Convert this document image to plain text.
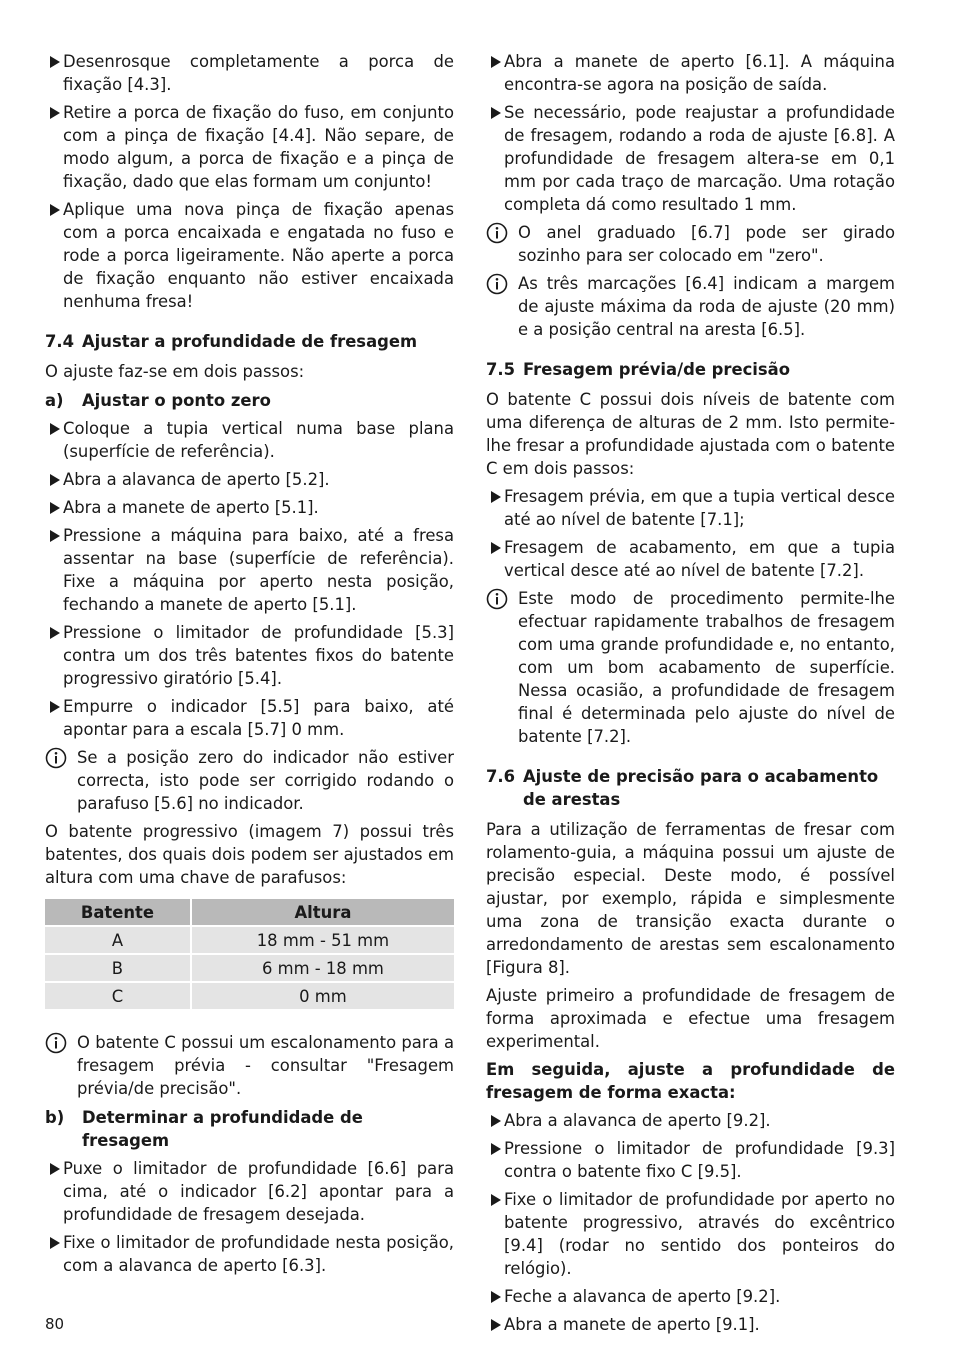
Desenrosque completamente a porca de fixação [4.3].
Retire a porca de fixação do fuso, em conjunto com a pinça de fixação [4.4]. Não separe, de modo algum, a porca de fixação e a pinça de fixação, dado que elas formam um conjunto!
Aplique uma nova pinça de fixação apenas com a porca encaixada e engatada no fuso e rode a porca ligeiramente. Não aperte a porca de fixação enquanto não estiver encaixada nenhuma fresa!
7.4 Ajustar a profundidade de fresagem

O ajuste faz-se em dois passos:

a)	Ajustar o ponto zero
Coloque a tupia vertical numa base plana (superfície de referência).
Abra a alavanca de aperto [5.2].
Abra a manete de aperto [5.1].
Pressione a máquina para baixo, até a fresa assentar na base (superfície de referência). Fixe a máquina por aperto nesta posição, fechando a manete de aperto [5.1].
Pressione o limitador de profundidade [5.3] contra um dos três batentes fixos do batente progressivo giratório [5.4].
Empurre o indicador [5.5] para baixo, até apontar para a escala [5.7] 0 mm.
Se a posição zero do indicador não estiver correcta, isto pode ser corrigido rodando o parafuso [5.6] no indicador.

O batente progressivo (imagem 7) possui três batentes, dos quais dois podem ser ajustados em altura com uma chave de parafusos:

Batente	Altura
A	18 mm - 51 mm
B	6 mm - 18 mm
C	0 mm
O batente C possui um escalonamento para a fresagem prévia - consultar "Fresagem prévia/de precisão".
b)	Determinar a profundidade de fresagem
Puxe o limitador de profundidade [6.6] para cima, até o indicador [6.2] apontar para a profundidade de fresagem desejada.
Fixe o limitador de profundidade nesta posição, com a alavanca de aperto [6.3].
Abra a manete de aperto [6.1]. A máquina encontra-se agora na posição de saída.
Se necessário, pode reajustar a profundidade de fresagem, rodando a roda de ajuste [6.8]. A profundidade de fresagem altera-se em 0,1 mm por cada traço de marcação. Uma rotação completa dá como resultado 1 mm.
O anel graduado [6.7] pode ser girado sozinho para ser colocado em "zero".
As três marcações [6.4] indicam a margem de ajuste máxima da roda de ajuste (20 mm) e a posição central na aresta [6.5].
7.5 Fresagem prévia/de precisão

O batente C possui dois níveis de batente com uma diferença de alturas de 2 mm. Isto permite-lhe fresar a profundidade ajustada com o batente C em dois passos:

Fresagem prévia, em que a tupia vertical desce até ao nível de batente [7.1];
Fresagem de acabamento, em que a tupia vertical desce até ao nível de batente [7.2].
Este modo de procedimento permite-lhe efectuar rapidamente trabalhos de fresagem com uma grande profundidade e, no entanto, com um bom acabamento de superfície. Nessa ocasião, a profundidade de fresagem final é determinada pelo ajuste do nível de batente [7.2].
7.6 Ajuste de precisão para o acabamento de arestas

Para a utilização de ferramentas de fresar com rolamento-guia, a máquina possui um ajuste de precisão especial. Deste modo, é possível ajustar, por exemplo, rápida e simplesmente uma zona de transição exacta durante o arredondamento de arestas sem escalonamento [Figura 8].

Ajuste primeiro a profundidade de fresagem de forma aproximada e efectue uma fresagem experimental.

Em seguida, ajuste a profundidade de fresagem de forma exacta:

Abra a alavanca de aperto [9.2].
Pressione o limitador de profundidade [9.3] contra o batente fixo C [9.5].
Fixe o limitador de profundidade por aperto no batente progressivo, através do excêntrico [9.4] (rodar no sentido dos ponteiros do relógio).
Feche a alavanca de aperto [9.2].
Abra a manete de aperto [9.1].
80
